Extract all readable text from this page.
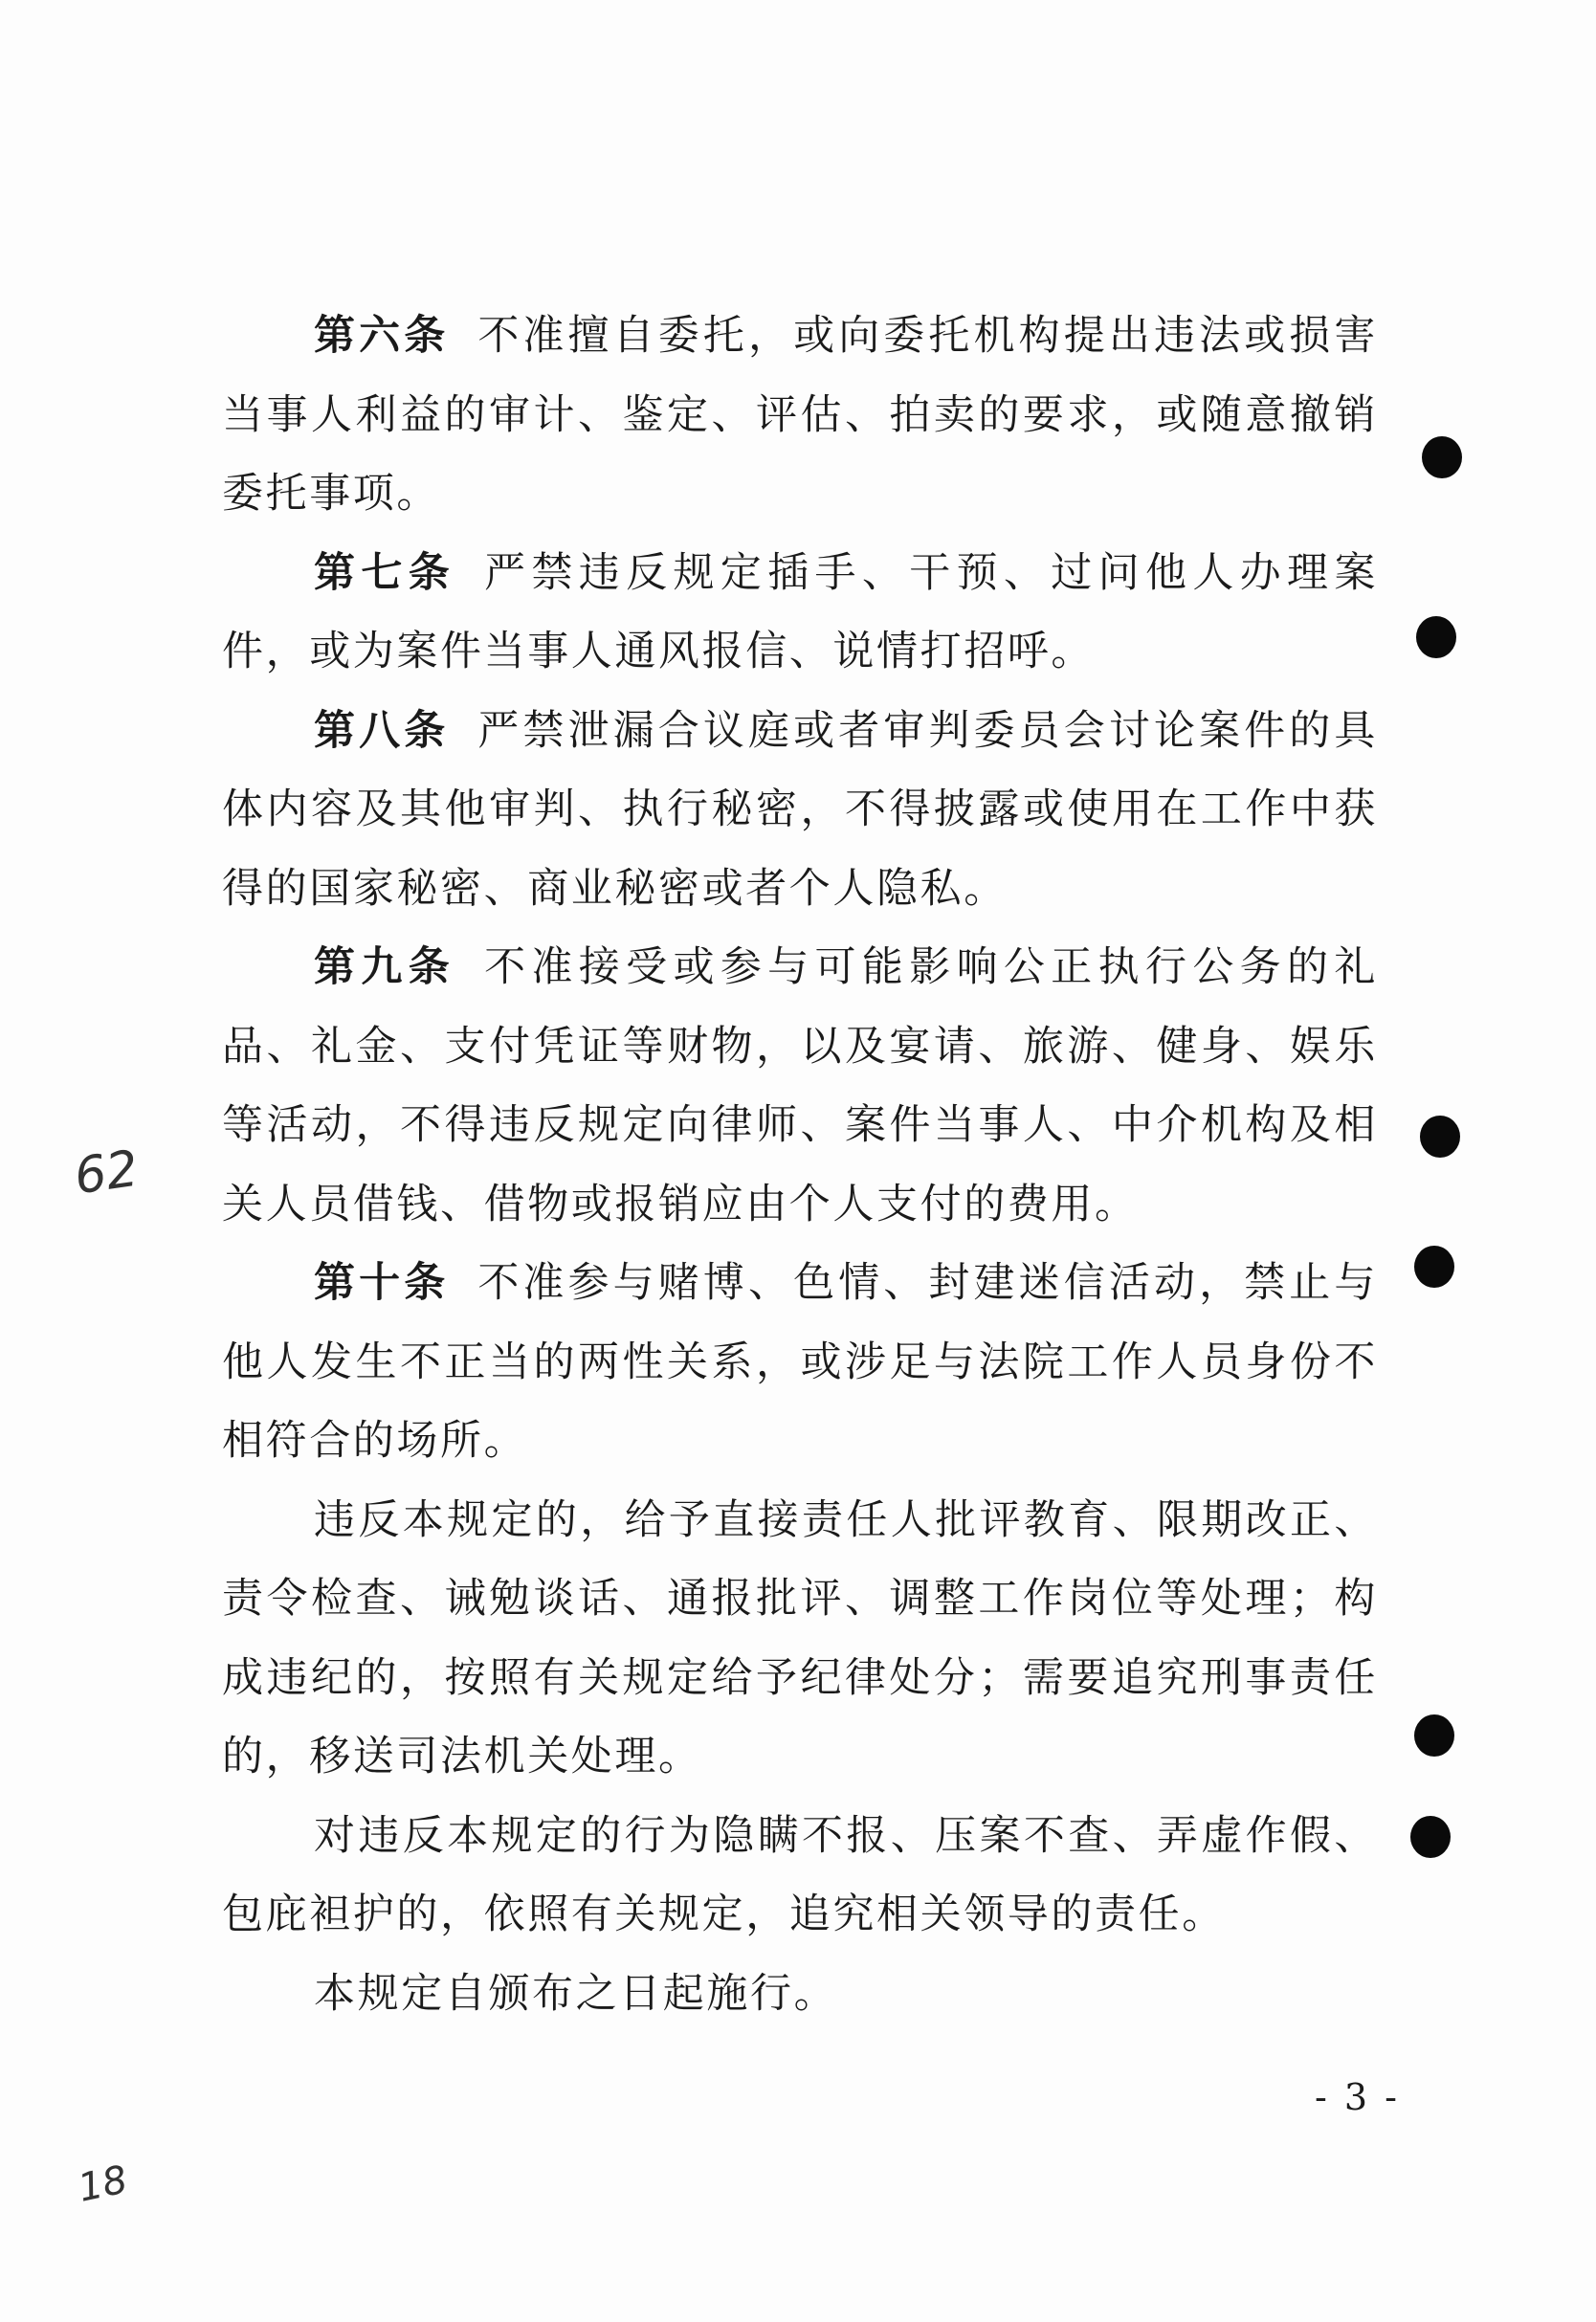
第六条 不准擅自委托，或向委托机构提出违法或损害当事人利益的审计、鉴定、评估、拍卖的要求，或随意撤销委托事项。

第七条 严禁违反规定插手、干预、过问他人办理案件，或为案件当事人通风报信、说情打招呼。

第八条 严禁泄漏合议庭或者审判委员会讨论案件的具体内容及其他审判、执行秘密，不得披露或使用在工作中获得的国家秘密、商业秘密或者个人隐私。

第九条 不准接受或参与可能影响公正执行公务的礼品、礼金、支付凭证等财物，以及宴请、旅游、健身、娱乐等活动，不得违反规定向律师、案件当事人、中介机构及相关人员借钱、借物或报销应由个人支付的费用。

第十条 不准参与赌博、色情、封建迷信活动，禁止与他人发生不正当的两性关系，或涉足与法院工作人员身份不相符合的场所。

违反本规定的，给予直接责任人批评教育、限期改正、责令检查、诫勉谈话、通报批评、调整工作岗位等处理；构成违纪的，按照有关规定给予纪律处分；需要追究刑事责任的，移送司法机关处理。

对违反本规定的行为隐瞒不报、压案不查、弄虚作假、包庇袒护的，依照有关规定，追究相关领导的责任。

本规定自颁布之日起施行。

- 3 -
62
18
